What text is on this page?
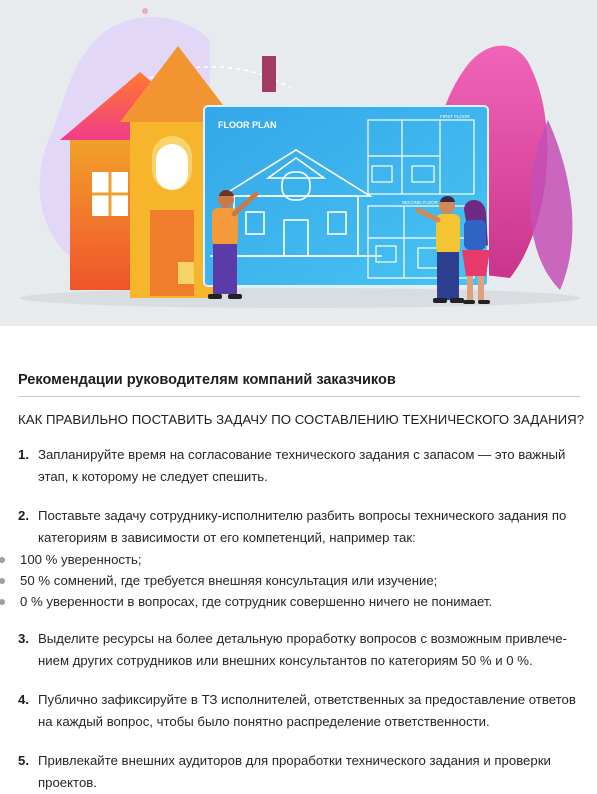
FLOOR PLAN
FIRST FLOOR
SECOND FLOOR
Рекомендации руководителям компаний заказчиков
КАК ПРАВИЛЬНО ПОСТАВИТЬ ЗАДАЧУ ПО СОСТАВЛЕНИЮ ТЕХНИЧЕСКОГО ЗАДАНИЯ?
1. Запланируйте время на согласование технического задания с запасом — это важный
этап, к которому не следует спешить.
2. Поставьте задачу сотруднику-исполнителю разбить вопросы технического задания по
категориям в зависимости от его компетенций, например так:
100 % уверенность;
50 % сомнений, где требуется внешняя консультация или изучение;
0 % уверенности в вопросах, где сотрудник совершенно ничего не понимает.
3. Выделите ресурсы на более детальную проработку вопросов с возможным привлече-
нием других сотрудников или внешних консультантов по категориям 50 % и 0 %.
4. Публично зафиксируйте в ТЗ исполнителей, ответственных за предоставление ответов
на каждый вопрос, чтобы было понятно распределение ответственности.
5. Привлекайте внешних аудиторов для проработки технического задания и проверки
проектов.
